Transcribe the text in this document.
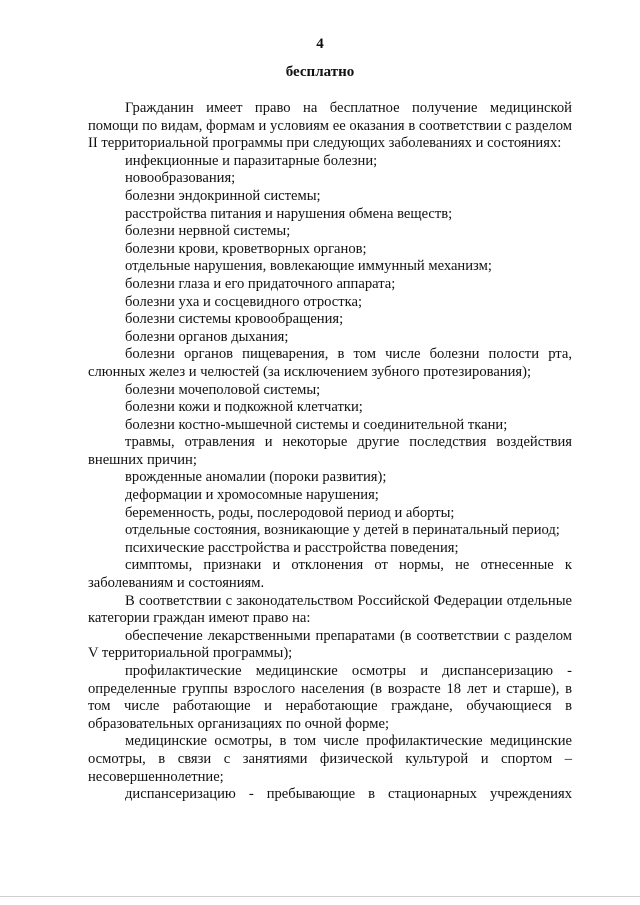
4
бесплатно

Гражданин имеет право на бесплатное получение медицинской помощи по видам, формам и условиям ее оказания в соответствии с разделом II территориальной программы при следующих заболеваниях и состояниях:

инфекционные и паразитарные болезни;

новообразования;

болезни эндокринной системы;

расстройства питания и нарушения обмена веществ;

болезни нервной системы;

болезни крови, кроветворных органов;

отдельные нарушения, вовлекающие иммунный механизм;

болезни глаза и его придаточного аппарата;

болезни уха и сосцевидного отростка;

болезни системы кровообращения;

болезни органов дыхания;

болезни органов пищеварения, в том числе болезни полости рта, слюнных желез и челюстей (за исключением зубного протезирования);

болезни мочеполовой системы;

болезни кожи и подкожной клетчатки;

болезни костно-мышечной системы и соединительной ткани;

травмы, отравления и некоторые другие последствия воздействия внешних причин;

врожденные аномалии (пороки развития);

деформации и хромосомные нарушения;

беременность, роды, послеродовой период и аборты;

отдельные состояния, возникающие у детей в перинатальный период;

психические расстройства и расстройства поведения;

симптомы, признаки и отклонения от нормы, не отнесенные к заболеваниям и состояниям.

В соответствии с законодательством Российской Федерации отдельные категории граждан имеют право на:

обеспечение лекарственными препаратами (в соответствии с разделом V территориальной программы);

профилактические медицинские осмотры и диспансеризацию - определенные группы взрослого населения (в возрасте 18 лет и старше), в том числе работающие и неработающие граждане, обучающиеся в образовательных организациях по очной форме;

медицинские осмотры, в том числе профилактические медицинские осмотры, в связи с занятиями физической культурой и спортом – несовершеннолетние;

диспансеризацию - пребывающие в стационарных учреждениях
